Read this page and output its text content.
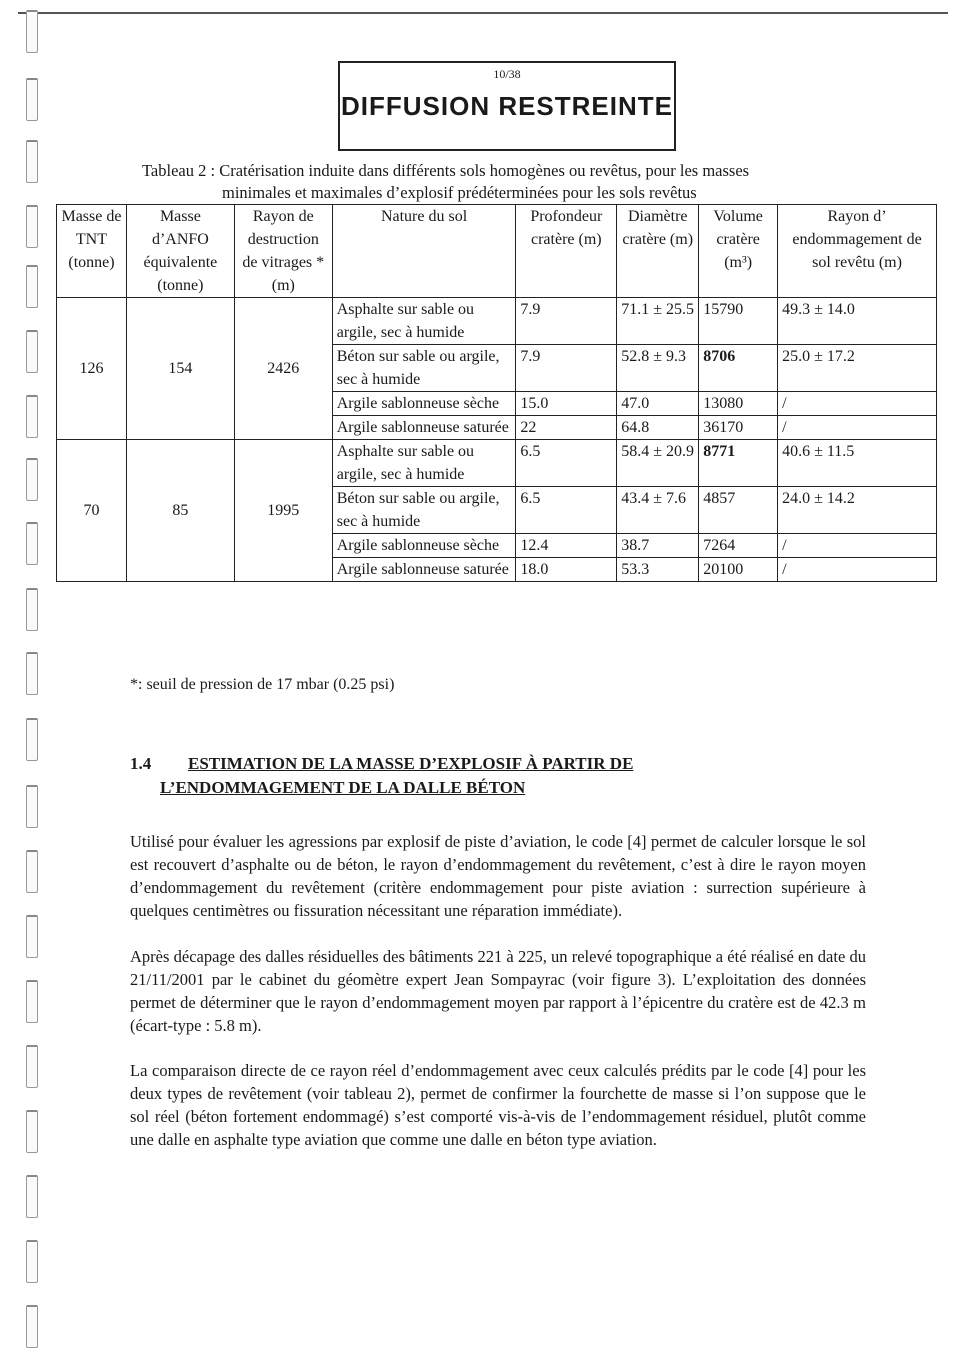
10/38
DIFFUSION RESTREINTE
Tableau 2 : Cratérisation induite dans différents sols homogènes ou revêtus, pour les masses
minimales et maximales d’explosif prédéterminées pour les sols revêtus
Masse de TNT (tonne)	Masse d’ANFO équivalente (tonne)	Rayon de destruction de vitrages * (m)	Nature du sol	Profondeur cratère (m)	Diamètre cratère (m)	Volume cratère (m³)	Rayon d’ endommagement de sol revêtu (m)
126	154	2426	Asphalte sur sable ou argile, sec à humide	7.9	71.1 ± 25.5	15790	49.3 ± 14.0
			Béton sur sable ou argile, sec à humide	7.9	52.8 ± 9.3	8706	25.0 ± 17.2
			Argile sablonneuse sèche	15.0	47.0	13080	/
			Argile sablonneuse saturée	22	64.8	36170	/
70	85	1995	Asphalte sur sable ou argile, sec à humide	6.5	58.4 ± 20.9	8771	40.6 ± 11.5
			Béton sur sable ou argile, sec à humide	6.5	43.4 ± 7.6	4857	24.0 ± 14.2
			Argile sablonneuse sèche	12.4	38.7	7264	/
			Argile sablonneuse saturée	18.0	53.3	20100	/
*: seuil de pression de 17 mbar (0.25 psi)
1.4 ESTIMATION DE LA MASSE D’EXPLOSIF À PARTIR DE
L’ENDOMMAGEMENT DE LA DALLE BÉTON

Utilisé pour évaluer les agressions par explosif de piste d’aviation, le code [4] permet de calculer lorsque le sol est recouvert d’asphalte ou de béton, le rayon d’endommagement du revêtement, c’est à dire le rayon moyen d’endommagement du revêtement (critère endommagement pour piste aviation : surrection supérieure à quelques centimètres ou fissuration nécessitant une réparation immédiate).

Après décapage des dalles résiduelles des bâtiments 221 à 225, un relevé topographique a été réalisé en date du 21/11/2001 par le cabinet du géomètre expert Jean Sompayrac (voir figure 3). L’exploitation des données permet de déterminer que le rayon d’endommagement moyen par rapport à l’épicentre du cratère est de 42.3 m (écart-type : 5.8 m).

La comparaison directe de ce rayon réel d’endommagement avec ceux calculés prédits par le code [4] pour les deux types de revêtement (voir tableau 2), permet de confirmer la fourchette de masse si l’on suppose que le sol réel (béton fortement endommagé) s’est comporté vis-à-vis de l’endommagement résiduel, plutôt comme une dalle en asphalte type aviation que comme une dalle en béton type aviation.
